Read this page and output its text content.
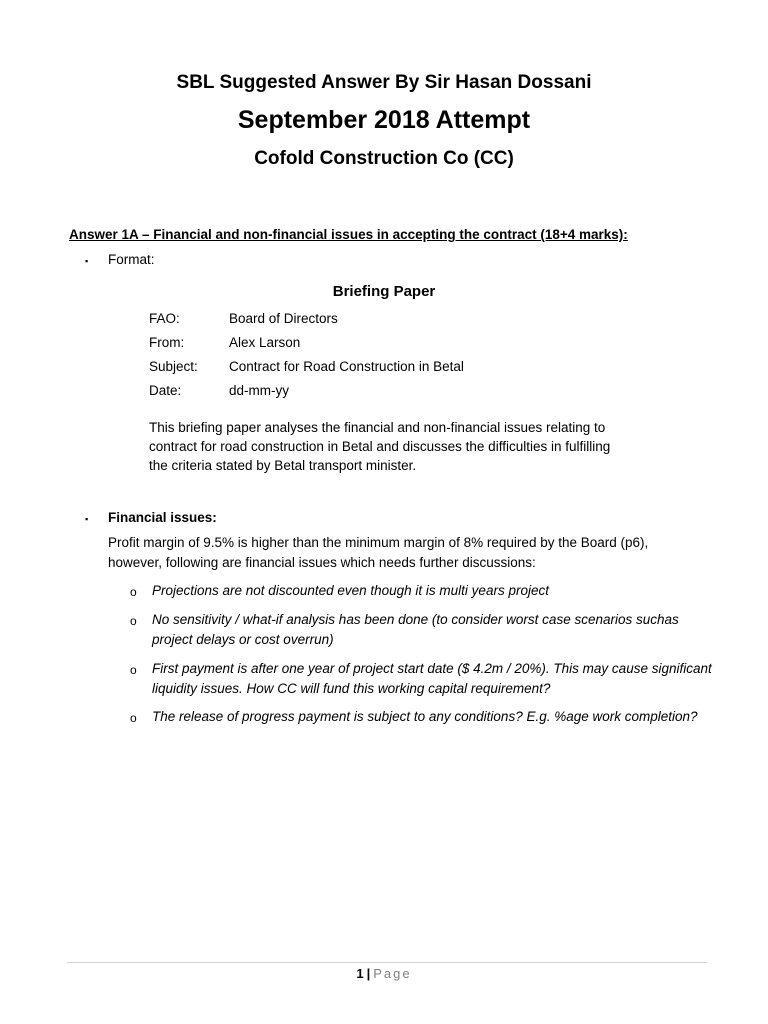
SBL Suggested Answer By Sir Hasan Dossani
September 2018 Attempt
Cofold Construction Co (CC)
Answer 1A – Financial and non-financial issues in accepting the contract (18+4 marks):
▪ Format:
Briefing Paper
FAO:	Board of Directors
From:	Alex Larson
Subject: Contract for Road Construction in Betal
Date:	dd-mm-yy
This briefing paper analyses the financial and non-financial issues relating to contract for road construction in Betal and discusses the difficulties in fulfilling the criteria stated by Betal transport minister.
▪ Financial issues:
Profit margin of 9.5% is higher than the minimum margin of 8% required by the Board (p6), however, following are financial issues which needs further discussions:
o Projections are not discounted even though it is multi years project
o No sensitivity / what-if analysis has been done (to consider worst case scenarios suchas project delays or cost overrun)
o First payment is after one year of project start date ($ 4.2m / 20%). This may cause significant liquidity issues. How CC will fund this working capital requirement?
o The release of progress payment is subject to any conditions? E.g. %age work completion?
1 | Page
